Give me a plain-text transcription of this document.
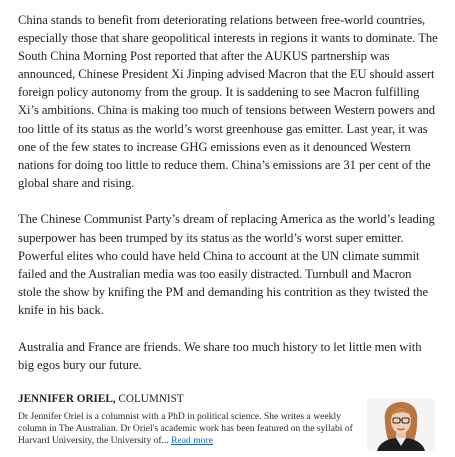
China stands to benefit from deteriorating relations between free-world countries, especially those that share geopolitical interests in regions it wants to dominate. The South China Morning Post reported that after the AUKUS partnership was announced, Chinese President Xi Jinping advised Macron that the EU should assert foreign policy autonomy from the group. It is saddening to see Macron fulfilling Xi’s ambitions. China is making too much of tensions between Western powers and too little of its status as the world’s worst greenhouse gas emitter. Last year, it was one of the few states to increase GHG emissions even as it denounced Western nations for doing too little to reduce them. China’s emissions are 31 per cent of the global share and rising.

The Chinese Communist Party’s dream of replacing America as the world’s leading superpower has been trumped by its status as the world’s worst super emitter. Powerful elites who could have held China to account at the UN climate summit failed and the Australian media was too easily distracted. Turnbull and Macron stole the show by knifing the PM and demanding his contrition as they twisted the knife in his back.

Australia and France are friends. We share too much history to let little men with big egos bury our future.

JENNIFER ORIEL, COLUMNIST

Dr Jennifer Oriel is a columnist with a PhD in political science. She writes a weekly column in The Australian. Dr Oriel's academic work has been featured on the syllabi of Harvard University, the University of... Read more
